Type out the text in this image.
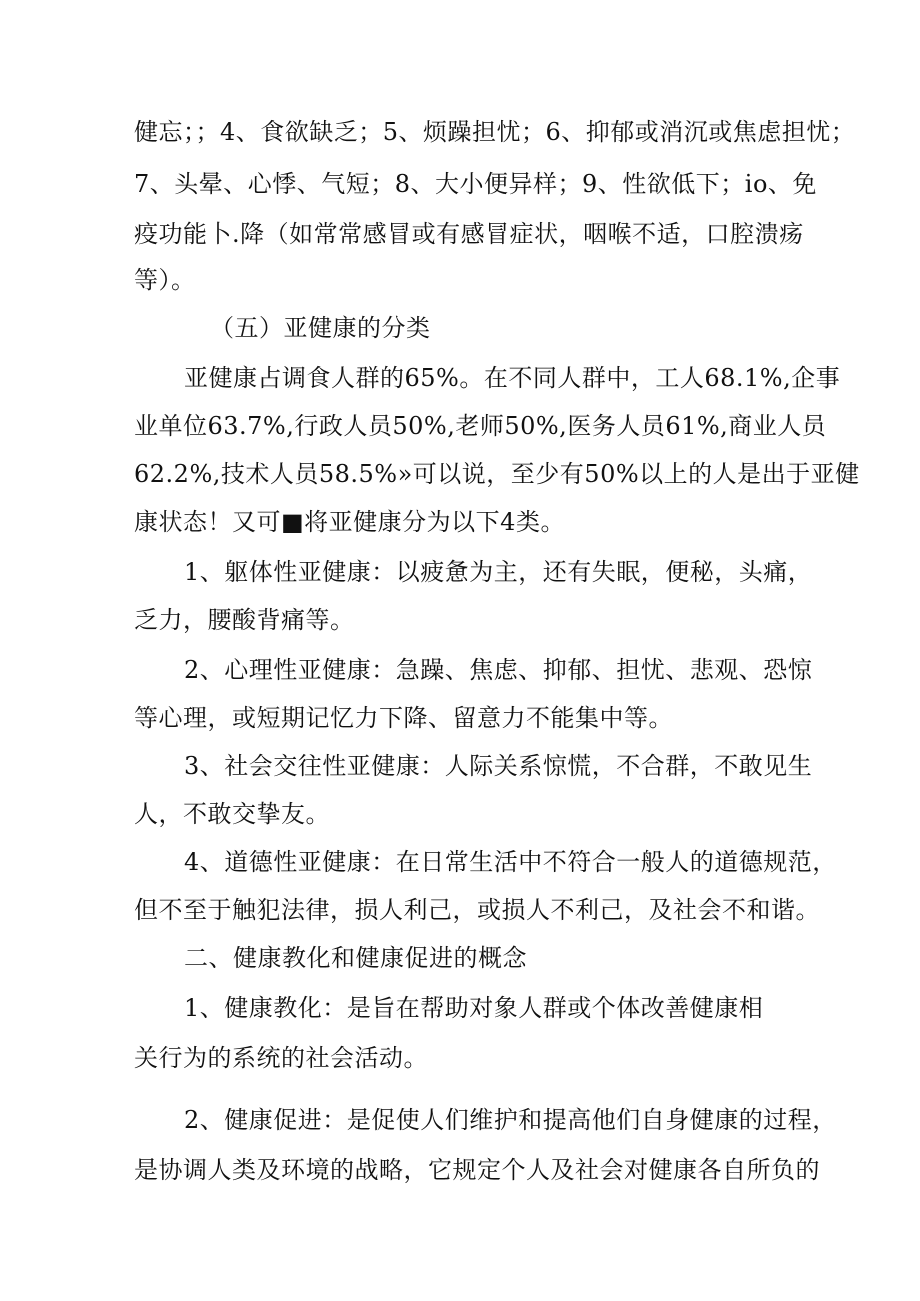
健忘；；4、食欲缺乏；5、烦躁担忧；6、抑郁或消沉或焦虑担忧；
7、头晕、心悸、气短；8、大小便异样；9、性欲低下；io、免
疫功能卜.降（如常常感冒或有感冒症状，咽喉不适，口腔溃疡
等）。
（五）亚健康的分类
亚健康占调食人群的65%。在不同人群中，工人68.1%,企事
业单位63.7%,行政人员50%,老师50%,医务人员61%,商业人员
62.2%,技术人员58.5%»可以说，至少有50%以上的人是出于亚健
康状态！又可■将亚健康分为以下4类。
1、躯体性亚健康：以疲惫为主，还有失眠，便秘，头痛，
乏力，腰酸背痛等。
2、心理性亚健康：急躁、焦虑、抑郁、担忧、悲观、恐惊
等心理，或短期记忆力下降、留意力不能集中等。
3、社会交往性亚健康：人际关系惊慌，不合群，不敢见生
人，不敢交挚友。
4、道德性亚健康：在日常生活中不符合一般人的道德规范，
但不至于触犯法律，损人利己，或损人不利己，及社会不和谐。
二、健康教化和健康促进的概念
1、健康教化：是旨在帮助对象人群或个体改善健康相
关行为的系统的社会活动。
2、健康促进：是促使人们维护和提高他们自身健康的过程，
是协调人类及环境的战略，它规定个人及社会对健康各自所负的
